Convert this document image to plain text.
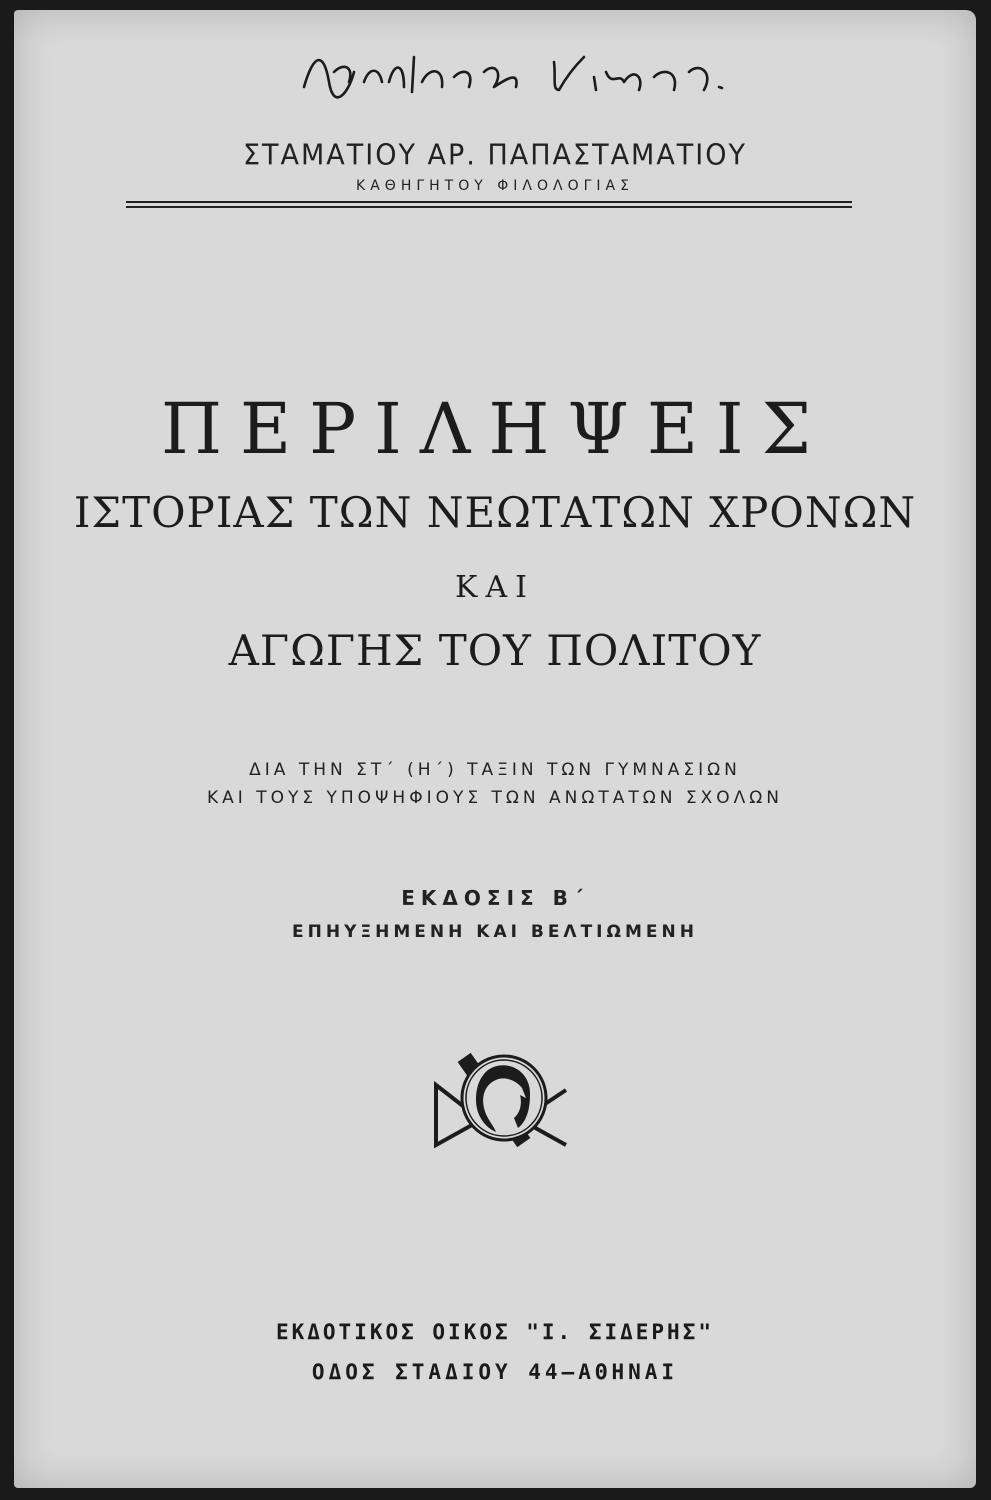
ΣΤΑΜΑΤΙΟΥ ΑΡ. ΠΑΠΑΣΤΑΜΑΤΙΟΥ
ΚΑΘΗΓΗΤΟΥ ΦΙΛΟΛΟΓΙΑΣ
ΠΕΡΙΛΗΨΕΙΣ
ΙΣΤΟΡΙΑΣ ΤΩΝ ΝΕΩΤΑΤΩΝ ΧΡΟΝΩΝ
ΚΑΙ
ΑΓΩΓΗΣ ΤΟΥ ΠΟΛΙΤΟΥ
ΔΙΑ ΤΗΝ ΣΤ΄ (Η΄) ΤΑΞΙΝ ΤΩΝ ΓΥΜΝΑΣΙΩΝ
ΚΑΙ ΤΟΥΣ ΥΠΟΨΗΦΙΟΥΣ ΤΩΝ ΑΝΩΤΑΤΩΝ ΣΧΟΛΩΝ
ΕΚΔΟΣΙΣ Β΄
ΕΠΗΥΞΗΜΕΝΗ ΚΑΙ ΒΕΛΤΙΩΜΕΝΗ
ΕΚΔΟΤΙΚΟΣ ΟΙΚΟΣ "Ι. ΣΙΔΕΡΗΣ"
ΟΔΟΣ ΣΤΑΔΙΟΥ 44—ΑΘΗΝΑΙ
